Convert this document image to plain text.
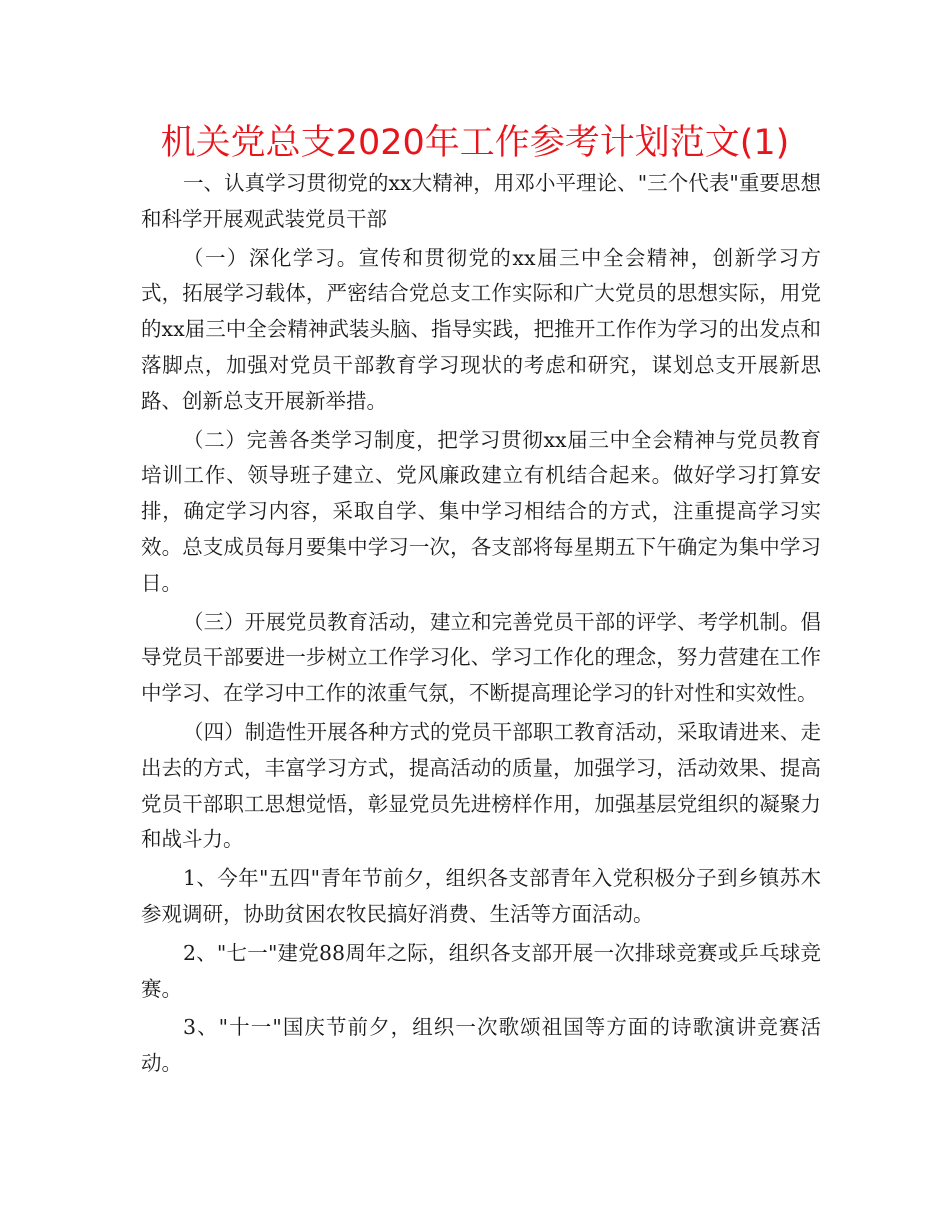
机关党总支2020年工作参考计划范文(1)

一、认真学习贯彻党的xx大精神，用邓小平理论、"三个代表"重要思想和科学开展观武装党员干部

（一）深化学习。宣传和贯彻党的xx届三中全会精神，创新学习方式，拓展学习载体，严密结合党总支工作实际和广大党员的思想实际，用党的xx届三中全会精神武装头脑、指导实践，把推开工作作为学习的出发点和落脚点，加强对党员干部教育学习现状的考虑和研究，谋划总支开展新思路、创新总支开展新举措。

（二）完善各类学习制度，把学习贯彻xx届三中全会精神与党员教育培训工作、领导班子建立、党风廉政建立有机结合起来。做好学习打算安排，确定学习内容，采取自学、集中学习相结合的方式，注重提高学习实效。总支成员每月要集中学习一次，各支部将每星期五下午确定为集中学习日。

（三）开展党员教育活动，建立和完善党员干部的评学、考学机制。倡导党员干部要进一步树立工作学习化、学习工作化的理念，努力营建在工作中学习、在学习中工作的浓重气氛，不断提高理论学习的针对性和实效性。

（四）制造性开展各种方式的党员干部职工教育活动，采取请进来、走出去的方式，丰富学习方式，提高活动的质量，加强学习，活动效果、提高党员干部职工思想觉悟，彰显党员先进榜样作用，加强基层党组织的凝聚力和战斗力。

1、今年"五四"青年节前夕，组织各支部青年入党积极分子到乡镇苏木参观调研，协助贫困农牧民搞好消费、生活等方面活动。

2、"七一"建党88周年之际，组织各支部开展一次排球竞赛或乒乓球竞赛。

3、"十一"国庆节前夕，组织一次歌颂祖国等方面的诗歌演讲竞赛活动。
